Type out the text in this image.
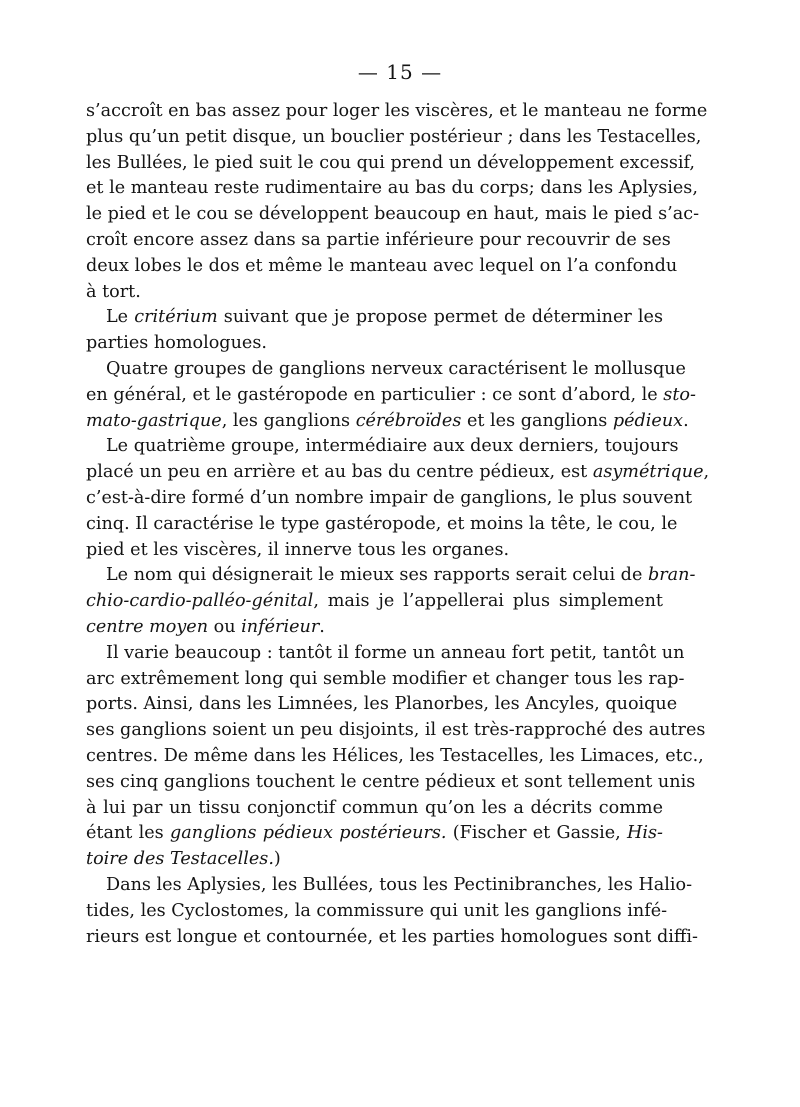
— 15 —
s’accroît en bas assez pour loger les viscères, et le manteau ne forme
plus qu’un petit disque, un bouclier postérieur ; dans les Testacelles,
les Bullées, le pied suit le cou qui prend un développement excessif,
et le manteau reste rudimentaire au bas du corps; dans les Aplysies,
le pied et le cou se développent beaucoup en haut, mais le pied s’ac-
croît encore assez dans sa partie inférieure pour recouvrir de ses
deux lobes le dos et même le manteau avec lequel on l’a confondu
à tort.
Le critérium suivant que je propose permet de déterminer les
parties homologues.
Quatre groupes de ganglions nerveux caractérisent le mollusque
en général, et le gastéropode en particulier : ce sont d’abord, le sto-
mato-gastrique, les ganglions cérébroïdes et les ganglions pédieux.
Le quatrième groupe, intermédiaire aux deux derniers, toujours
placé un peu en arrière et au bas du centre pédieux, est asymétrique,
c’est-à-dire formé d’un nombre impair de ganglions, le plus souvent
cinq. Il caractérise le type gastéropode, et moins la tête, le cou, le
pied et les viscères, il innerve tous les organes.
Le nom qui désignerait le mieux ses rapports serait celui de bran-
chio-cardio-palléo-génital, mais je l’appellerai plus simplement
centre moyen ou inférieur.
Il varie beaucoup : tantôt il forme un anneau fort petit, tantôt un
arc extrêmement long qui semble modifier et changer tous les rap-
ports. Ainsi, dans les Limnées, les Planorbes, les Ancyles, quoique
ses ganglions soient un peu disjoints, il est très-rapproché des autres
centres. De même dans les Hélices, les Testacelles, les Limaces, etc.,
ses cinq ganglions touchent le centre pédieux et sont tellement unis
à lui par un tissu conjonctif commun qu’on les a décrits comme
étant les ganglions pédieux postérieurs. (Fischer et Gassie, His-
toire des Testacelles.)
Dans les Aplysies, les Bullées, tous les Pectinibranches, les Halio-
tides, les Cyclostomes, la commissure qui unit les ganglions infé-
rieurs est longue et contournée, et les parties homologues sont diffi-
